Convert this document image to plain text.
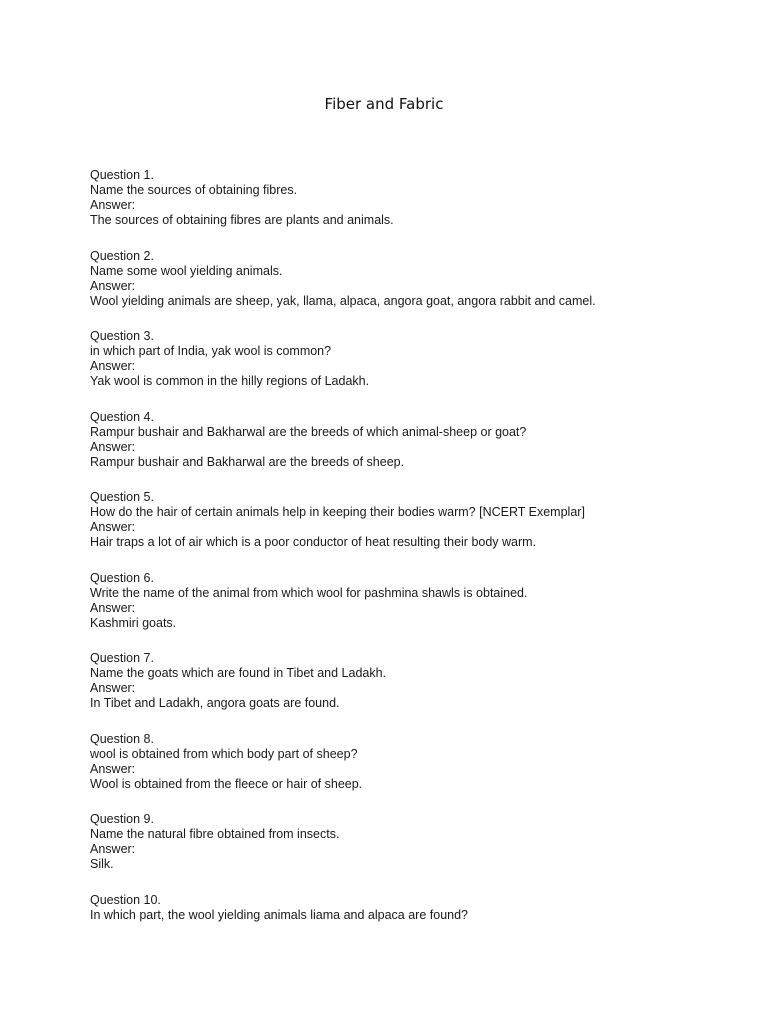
Fiber and Fabric
Question 1.
Name the sources of obtaining fibres.
Answer:
The sources of obtaining fibres are plants and animals.
Question 2.
Name some wool yielding animals.
Answer:
Wool yielding animals are sheep, yak, llama, alpaca, angora goat, angora rabbit and camel.
Question 3.
in which part of India, yak wool is common?
Answer:
Yak wool is common in the hilly regions of Ladakh.
Question 4.
Rampur bushair and Bakharwal are the breeds of which animal-sheep or goat?
Answer:
Rampur bushair and Bakharwal are the breeds of sheep.
Question 5.
How do the hair of certain animals help in keeping their bodies warm? [NCERT Exemplar]
Answer:
Hair traps a lot of air which is a poor conductor of heat resulting their body warm.
Question 6.
Write the name of the animal from which wool for pashmina shawls is obtained.
Answer:
Kashmiri goats.
Question 7.
Name the goats which are found in Tibet and Ladakh.
Answer:
In Tibet and Ladakh, angora goats are found.
Question 8.
wool is obtained from which body part of sheep?
Answer:
Wool is obtained from the fleece or hair of sheep.
Question 9.
Name the natural fibre obtained from insects.
Answer:
Silk.
Question 10.
In which part, the wool yielding animals liama and alpaca are found?
